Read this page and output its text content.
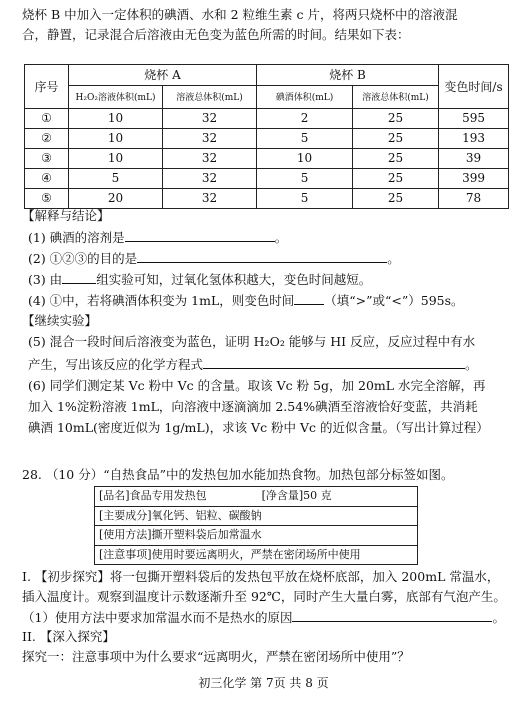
烧杯 B 中加入一定体积的碘酒、水和 2 粒维生素 c 片，将两只烧杯中的溶液混
合，静置，记录混合后溶液由无色变为蓝色所需的时间。结果如下表：
序号	烧杯 A		烧杯 B		变色时间/s
	H₂O₂溶液体积(mL)	溶液总体积(mL)	碘酒体积(mL)	溶液总体积(mL)	
①	10	32	2	25	595
②	10	32	5	25	193
③	10	32	10	25	39
④	5	32	5	25	399
⑤	20	32	5	25	78
【解释与结论】
(1) 碘酒的溶剂是	。
(2) ①②③的目的是	。
(3) 由	组实验可知，过氧化氢体积越大，变色时间越短。
(4) ①中，若将碘酒体积变为 1mL，则变色时间 （填“>”或“<”）595s。
【继续实验】
(5) 混合一段时间后溶液变为蓝色，证明 H₂O₂ 能够与 HI 反应，反应过程中有水
产生，写出该反应的化学方程式	。
(6) 同学们测定某 Vc 粉中 Vc 的含量。取该 Vc 粉 5g，加 20mL 水完全溶解，再
加入 1%淀粉溶液 1mL，向溶液中逐滴滴加 2.54%碘酒至溶液恰好变蓝，共消耗
碘酒 10mL(密度近似为 1g/mL)，求该 Vc 粉中 Vc 的近似含量。（写出计算过程）
28. （10 分）“自热食品”中的发热包加水能加热食物。加热包部分标签如图。
[品名]食品专用发热包	[净含量]50 克
[主要成分]氧化钙、铝粒、碳酸钠
[使用方法]撕开塑料袋后加常温水
[注意事项]使用时要远离明火，严禁在密闭场所中使用
I. 【初步探究】将一包撕开塑料袋后的发热包平放在烧杯底部，加入 200mL 常温水，
插入温度计。观察到温度计示数逐渐升至 92℃，同时产生大量白雾，底部有气泡产生。
（1）使用方法中要求加常温水而不是热水的原因	。
II. 【深入探究】
探究一：注意事项中为什么要求“远离明火，严禁在密闭场所中使用”？
初三化学 第 7页 共 8 页
